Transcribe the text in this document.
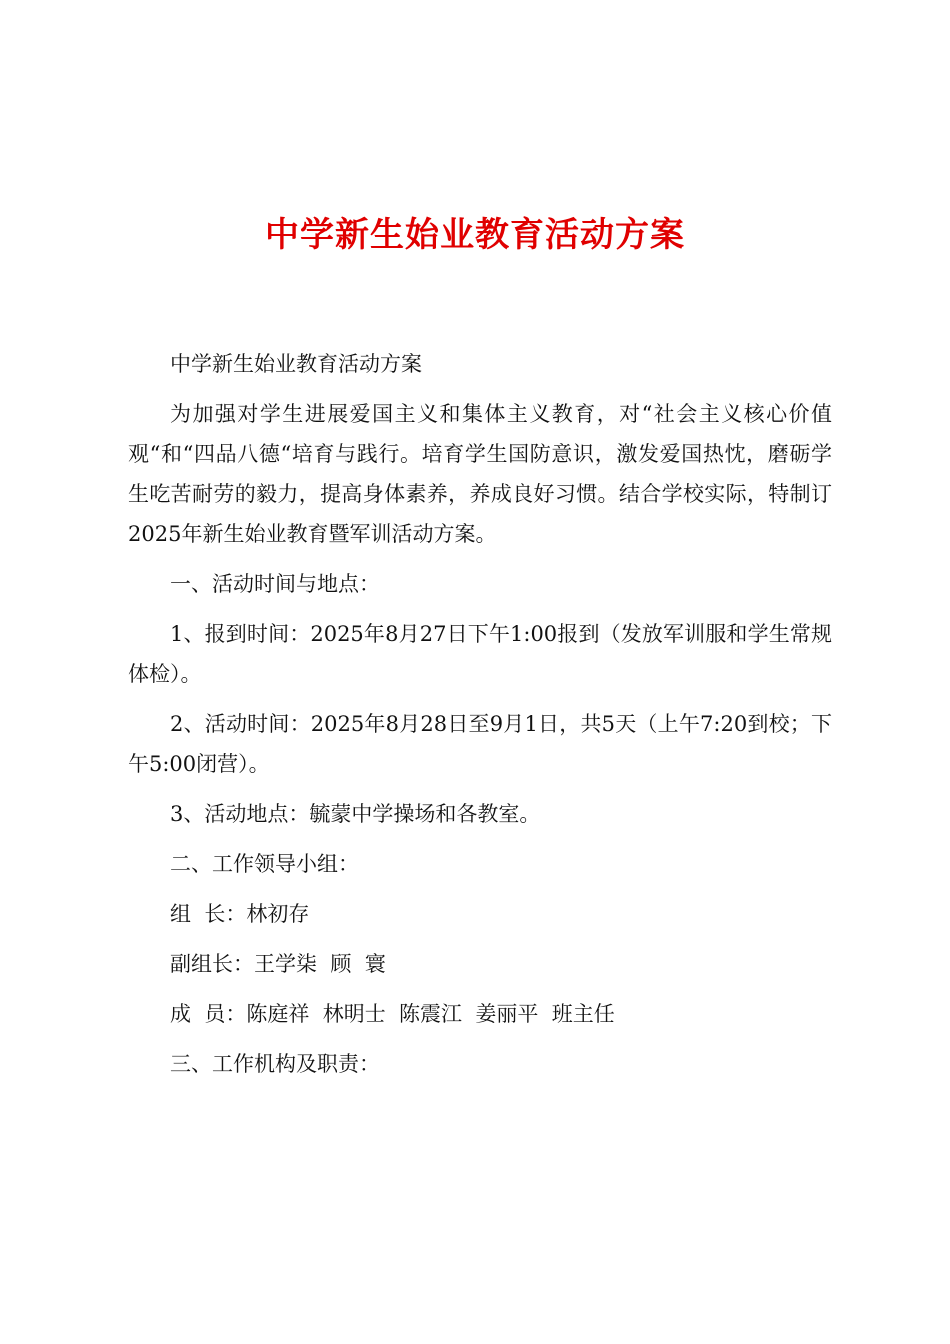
中学新生始业教育活动方案

中学新生始业教育活动方案

为加强对学生进展爱国主义和集体主义教育，对“社会主义核心价值观“和“四品八德“培育与践行。培育学生国防意识，激发爱国热忱，磨砺学生吃苦耐劳的毅力，提高身体素养，养成良好习惯。结合学校实际，特制订2025年新生始业教育暨军训活动方案。

一、活动时间与地点：

1、报到时间：2025年8月27日下午1:00报到（发放军训服和学生常规体检）。

2、活动时间：2025年8月28日至9月1日，共5天（上午7:20到校；下午5:00闭营）。

3、活动地点：毓蒙中学操场和各教室。

二、工作领导小组：

组  长：林初存

副组长：王学柒  顾  寰

成  员：陈庭祥  林明士  陈震江  姜丽平  班主任

三、工作机构及职责：
